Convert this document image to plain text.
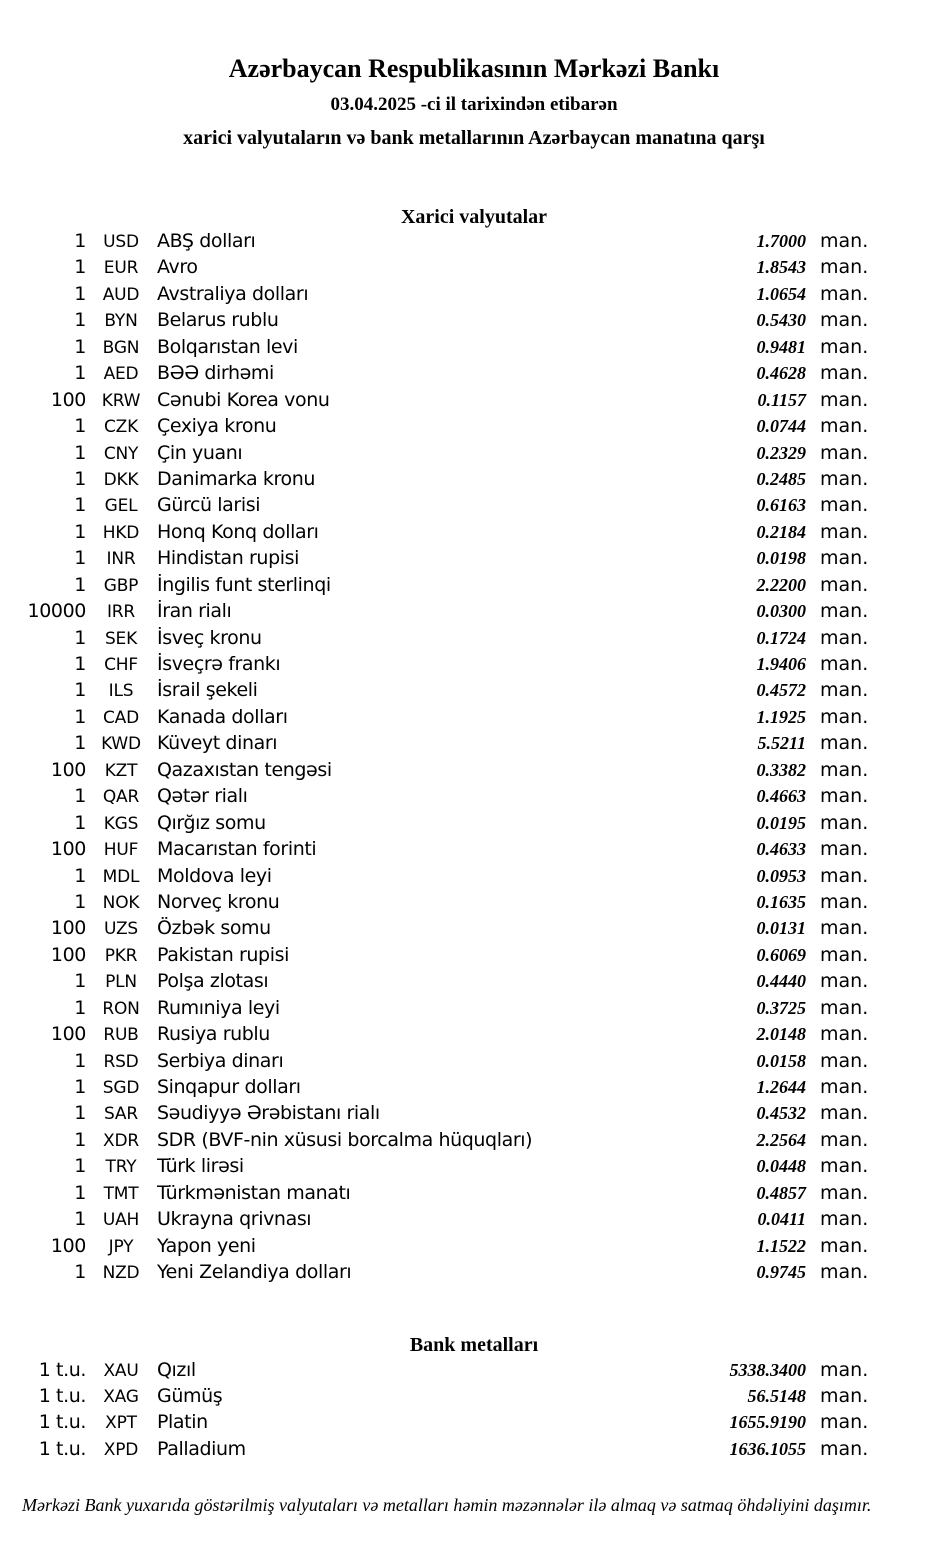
Azərbaycan Respublikasının Mərkəzi Bankı
03.04.2025 -ci il tarixindən etibarən
xarici valyutaların və bank metallarının Azərbaycan manatına qarşı
Xarici valyutalar
1	USD ABŞ dolları	1.7000 man.
1	EUR Avro	1.8543 man.
1 AUD Avstraliya dolları	1.0654 man.
1	BYN	Belarus rublu	0.5430 man.
1 BGN Bolqarıstan levi	0.9481 man.
1	AED BƏƏ dirhəmi	0.4628 man.
100 KRW Cənubi Korea vonu	0.1157 man.
1	CZK Çexiya kronu	0.0744 man.
1	CNY Çin yuanı	0.2329 man.
1	DKK Danimarka kronu	0.2485 man.
1	GEL	Gürcü larisi	0.6163 man.
1 HKD Honq Konq dolları	0.2184 man.
1	INR	Hindistan rupisi	0.0198 man.
1	GBP İngilis funt sterlinqi	2.2200 man.
10000	IRR	İran rialı	0.0300 man.
1	SEK	İsveç kronu	0.1724 man.
1	CHF	İsveçrə frankı	1.9406 man.
1	ILS	İsrail şekeli	0.4572 man.
1	CAD Kanada dolları	1.1925 man.
1 KWD Küveyt dinarı	5.5211 man.
100	KZT	Qazaxıstan tengəsi	0.3382 man.
1 QAR Qətər rialı	0.4663 man.
1	KGS Qırğız somu	0.0195 man.
100	HUF Macarıstan forinti	0.4633 man.
1 MDL Moldova leyi	0.0953 man.
1 NOK Norveç kronu	0.1635 man.
100	UZS	Özbək somu	0.0131 man.
100	PKR	Pakistan rupisi	0.6069 man.
1	PLN	Polşa zlotası	0.4440 man.
1 RON Rumıniya leyi	0.3725 man.
100	RUB Rusiya rublu	2.0148 man.
1	RSD Serbiya dinarı	0.0158 man.
1 SGD Sinqapur dolları	1.2644 man.
1	SAR	Səudiyyə Ərəbistanı rialı	0.4532 man.
1	XDR SDR (BVF-nin xüsusi borcalma hüquqları)	2.2564 man.
1	TRY	Türk lirəsi	0.0448 man.
1	TMT Türkmənistan manatı	0.4857 man.
1 UAH Ukrayna qrivnası	0.0411 man.
100	JPY	Yapon yeni	1.1522 man.
1 NZD Yeni Zelandiya dolları	0.9745 man.
Bank metalları
1 t.u.	XAU Qızıl	5338.3400 man.
1 t.u.	XAG Gümüş	56.5148 man.
1 t.u.	XPT	Platin	1655.9190 man.
1 t.u.	XPD Palladium	1636.1055 man.
Mərkəzi Bank yuxarıda göstərilmiş valyutaları və metalları həmin məzənnələr ilə almaq və satmaq öhdəliyini daşımır.
